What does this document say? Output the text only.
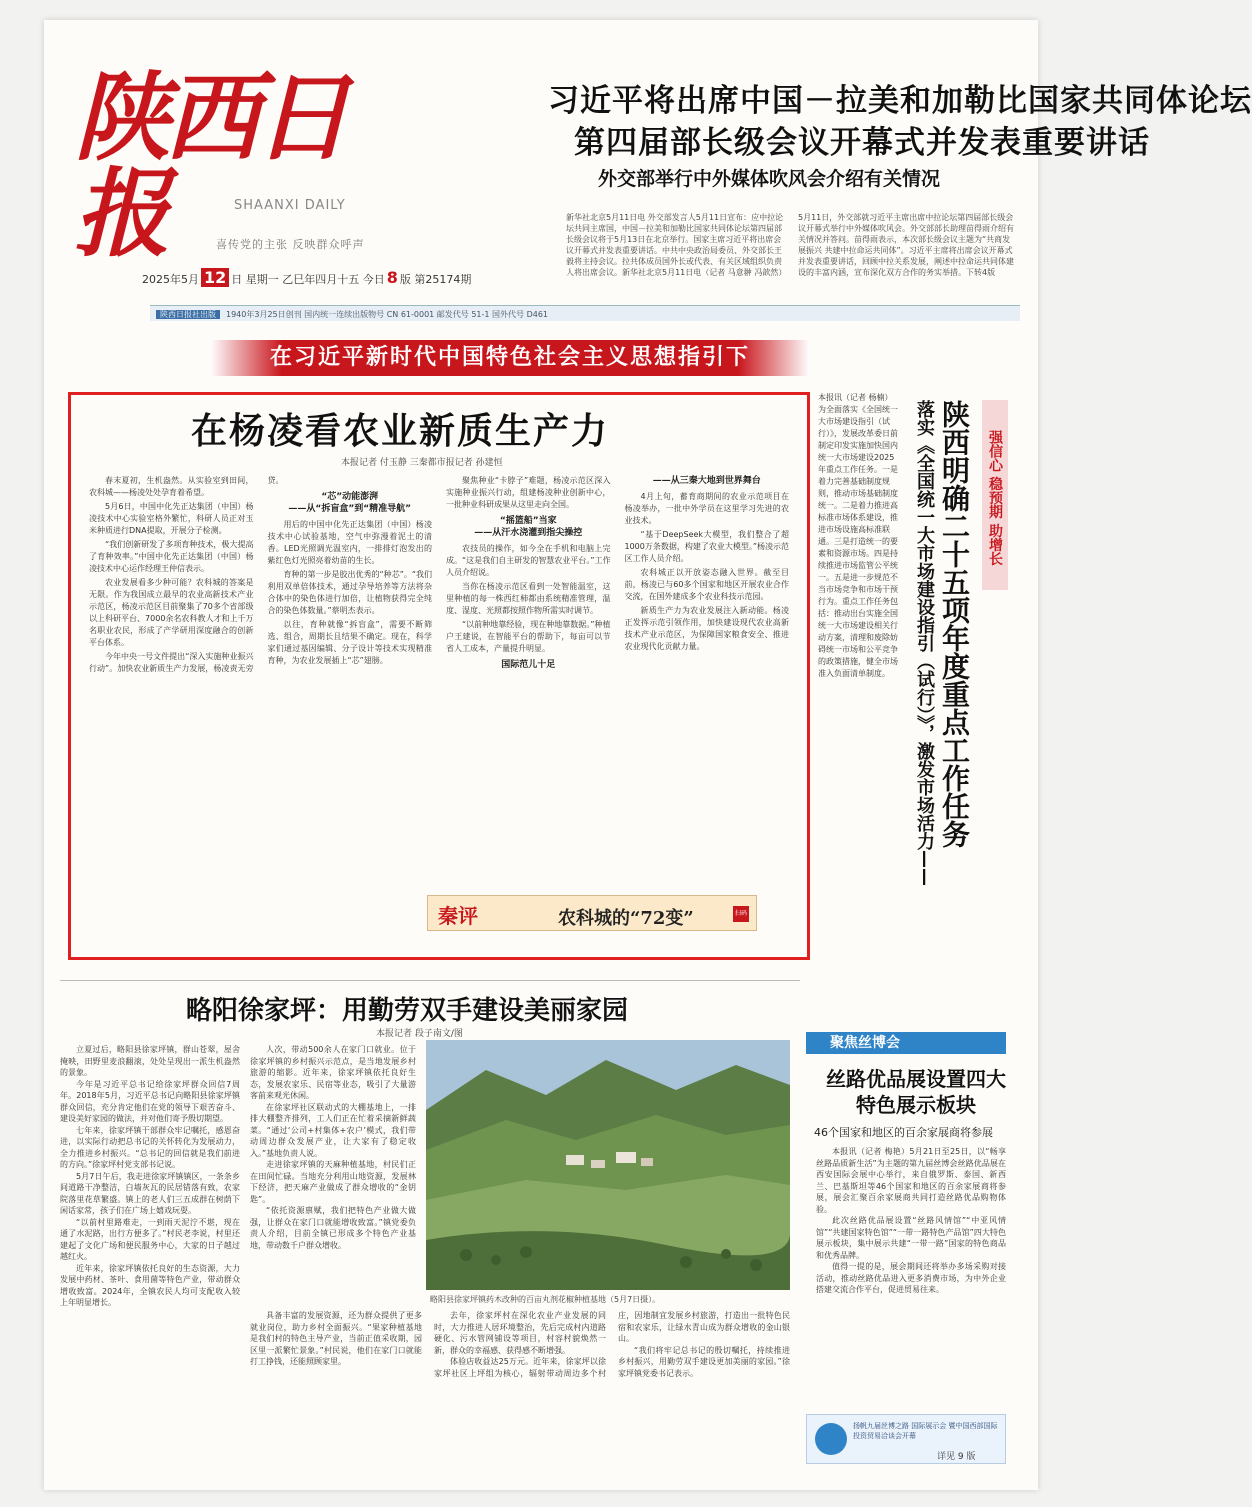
陕西日报	SHAANXI DAILY
喜传党的主张 反映群众呼声
2025年5月 12 日 星期一 乙巳年四月十五 今日 8 版 第25174期
习近平将出席中国－拉美和加勒比国家共同体论坛
第四届部长级会议开幕式并发表重要讲话
外交部举行中外媒体吹风会介绍有关情况
新华社北京5月11日电 外交部发言人5月11日宣布：应中拉论坛共同主席国，中国－拉美和加勒比国家共同体论坛第四届部长级会议将于5月13日在北京举行。国家主席习近平将出席会议开幕式并发表重要讲话。中共中央政治局委员、外交部长王毅将主持会议。拉共体成员国外长或代表、有关区域组织负责人将出席会议。新华社北京5月11日电（记者 马意翀 冯歆然）5月11日，外交部就习近平主席出席中拉论坛第四届部长级会议开幕式举行中外媒体吹风会。外交部部长助理苗得雨介绍有关情况并答问。苗得雨表示，本次部长级会议主题为“共商发展振兴 共建中拉命运共同体”。习近平主席将出席会议开幕式并发表重要讲话，回顾中拉关系发展，阐述中拉命运共同体建设的丰富内涵，宣布深化双方合作的务实举措。下转4版
陕西日报社出版 1940年3月25日创刊 国内统一连续出版物号 CN 61-0001 邮发代号 51-1 国外代号 D461
在习近平新时代中国特色社会主义思想指引下
在杨凌看农业新质生产力
本报记者 付玉静 三秦都市报记者 孙建恒

春末夏初，生机盎然。从实验室到田间，农科城——杨凌处处孕育着希望。

5月6日，中国中化先正达集团（中国）杨凌技术中心实验室格外繁忙，科研人员正对玉米种质进行DNA提取，开展分子检测。

“我们创新研发了多项育种技术，极大提高了育种效率。”中国中化先正达集团（中国）杨凌技术中心运作经理王仲信表示。

农业发展看多少种可能？农科城的答案是无限。作为我国成立最早的农业高新技术产业示范区，杨凌示范区目前聚集了70多个省部级以上科研平台、7000余名农科教人才和上千万名职业农民，形成了产学研用深度融合的创新平台体系。

今年中央一号文件提出“深入实施种业振兴行动”。加快农业新质生产力发展，杨凌责无旁贷。

“芯”动能澎湃
——从“拆盲盒”到“精准导航”

用后的中国中化先正达集团（中国）杨凌技术中心试验基地，空气中弥漫着泥土的清香。LED光照调光温室内，一排排灯泡发出的紫红色灯光照亮着幼苗的生长。

育种的第一步是胶出优秀的“种芯”。“我们利用双单倍体技术，通过孕导培养等方法将杂合体中的染色体进行加倍，让植物获得完全纯合的染色体数量。”蔡明杰表示。

以往，育种就像“拆盲盒”，需要不断筛选、组合，周期长且结果不确定。现在，科学家们通过基因编辑、分子设计等技术实现精准育种，为农业发展插上“芯”翅膀。

聚焦种业“卡脖子”难题，杨凌示范区深入实施种业振兴行动，组建杨凌种业创新中心，一批种业科研成果从这里走向全国。

“摇篮船”当家
——从汗水浇灌到指尖操控

农技员的操作，如今全在手机和电脑上完成。“这是我们自主研发的智慧农业平台。”工作人员介绍说。

当你在杨凌示范区看到一处智能温室，这里种植的每一株西红柿都由系统精准管理，温度、湿度、光照都按照作物所需实时调节。

“以前种地靠经验，现在种地靠数据。”种植户王建说，在智能平台的帮助下，每亩可以节省人工成本，产量提升明显。

国际范儿十足
——从三秦大地到世界舞台

4月上旬，蓄育商期间的农业示范项目在杨凌举办，一批中外学员在这里学习先进的农业技术。

“基于DeepSeek大模型，我们整合了超1000万条数据，构建了农业大模型。”杨凌示范区工作人员介绍。

农科城正以开放姿态融入世界。截至目前，杨凌已与60多个国家和地区开展农业合作交流，在国外建成多个农业科技示范园。

新质生产力为农业发展注入新动能。杨凌正发挥示范引领作用，加快建设现代农业高新技术产业示范区，为保障国家粮食安全、推进农业现代化贡献力量。

秦评	农科城的“72变”	扫码
本报讯（记者 杨楠）为全面落实《全国统一大市场建设指引（试行）》，发展改革委日前制定印发实施加快国内统一大市场建设2025年重点工作任务。一是着力完善基础制度规则，推动市场基础制度统一。二是着力推进高标准市场体系建设，推进市场设施高标准联通。三是打造统一的要素和资源市场。四是持续推进市场监管公平统一。五是进一步规范不当市场竞争和市场干预行为。重点工作任务包括：推动出台实施全国统一大市场建设相关行动方案，清理和废除妨碍统一市场和公平竞争的政策措施，健全市场准入负面清单制度。	陕西明确二十五项年度重点工作任务
落实《全国统一大市场建设指引（试行）》，激发市场活力——	强信心 稳预期 助增长
略阳徐家坪：用勤劳双手建设美丽家园
本报记者 段子南文/图

立夏过后，略阳县徐家坪镇，群山苍翠，屋舍掩映，田野里麦浪翻滚，处处呈现出一派生机盎然的景象。

今年是习近平总书记给徐家坪群众回信7周年。2018年5月，习近平总书记向略阳县徐家坪镇群众回信，充分肯定他们在党的领导下艰苦奋斗、建设美好家园的做法，并对他们寄予殷切期望。

七年来，徐家坪镇干部群众牢记嘱托，感恩奋进，以实际行动把总书记的关怀转化为发展动力，全力推进乡村振兴。“总书记的回信就是我们前进的方向。”徐家坪村党支部书记说。

5月7日午后，我走进徐家坪镇镇区，一条条乡间道路干净整洁，白墙灰瓦的民居错落有致，农家院落里花草繁盛。镇上的老人们三五成群在树荫下闲话家常，孩子们在广场上嬉戏玩耍。

“以前村里路难走，一到雨天泥泞不堪，现在通了水泥路，出行方便多了。”村民老李说，村里还建起了文化广场和便民服务中心，大家的日子越过越红火。

近年来，徐家坪镇依托良好的生态资源，大力发展中药材、茶叶、食用菌等特色产业，带动群众增收致富。2024年，全镇农民人均可支配收入较上年明显增长。

人次，带动500余人在家门口就业。位于徐家坪镇的乡村振兴示范点，是当地发展乡村旅游的缩影。近年来，徐家坪镇依托良好生态，发展农家乐、民宿等业态，吸引了大量游客前来观光休闲。

在徐家坪社区联动式的大棚基地上，一排排大棚整齐排列，工人们正在忙着采摘新鲜蔬菜。“通过‘公司+村集体+农户’模式，我们带动周边群众发展产业，让大家有了稳定收入。”基地负责人说。

走进徐家坪镇的天麻种植基地，村民们正在田间忙碌。当地充分利用山地资源，发展林下经济，把天麻产业做成了群众增收的“金钥匙”。

“依托资源禀赋，我们把特色产业做大做强，让群众在家门口就能增收致富。”镇党委负责人介绍，目前全镇已形成多个特色产业基地，带动数千户群众增收。

略阳县徐家坪镇药木改种的百亩丸剂花椒种植基地（5月7日摄）。

具备丰富的发展资源，还为群众提供了更多就业岗位，助力乡村全面振兴。“果家种植基地是我们村的特色主导产业，当前正值采收期，园区里一派繁忙景象。”村民说，他们在家门口就能打工挣钱，还能照顾家里。

去年，徐家坪村在深化农业产业发展的同时，大力推进人居环境整治，先后完成村内道路硬化、污水管网铺设等项目，村容村貌焕然一新，群众的幸福感、获得感不断增强。

体验店收益达25万元。近年来，徐家坪以徐家坪社区上坪组为核心，辐射带动周边多个村庄，因地制宜发展乡村旅游，打造出一批特色民宿和农家乐，让绿水青山成为群众增收的金山银山。

“我们将牢记总书记的殷切嘱托，持续推进乡村振兴，用勤劳双手建设更加美丽的家园。”徐家坪镇党委书记表示。

聚焦丝博会
丝路优品展设置四大特色展示板块
46个国家和地区的百余家展商将参展

本报讯（记者 梅艳）5月21日至25日，以“畅享丝路品质新生活”为主题的第九届丝博会丝路优品展在西安国际会展中心举行，来自俄罗斯、泰国、新西兰、巴基斯坦等46个国家和地区的百余家展商将参展，展会汇聚百余家展商共同打造丝路优品购物体验。

此次丝路优品展设置“丝路风情馆”“中亚风情馆”“共建国家特色馆”“一带一路特色产品馆”四大特色展示板块，集中展示共建“一带一路”国家的特色商品和优秀品牌。

值得一提的是，展会期间还将举办多场采购对接活动，推动丝路优品进入更多消费市场，为中外企业搭建交流合作平台，促进贸易往来。

扬帆九届丝博之路 国际展示会 暨中国西部国际投资贸易洽谈会开幕
详见 9 版
